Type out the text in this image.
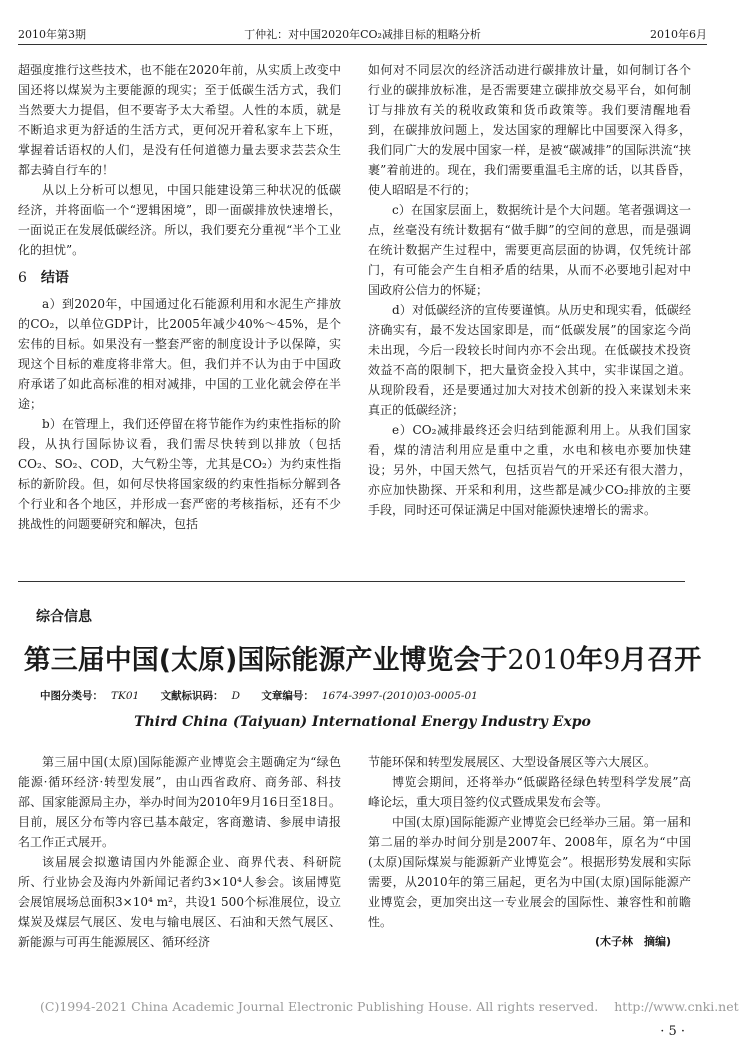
2010年第3期	丁仲礼：对中国2020年CO₂减排目标的粗略分析	2010年6月

超强度推行这些技术，也不能在2020年前，从实质上改变中国还将以煤炭为主要能源的现实；至于低碳生活方式，我们当然要大力提倡，但不要寄予太大希望。人性的本质，就是不断追求更为舒适的生活方式，更何况开着私家车上下班，掌握着话语权的人们，是没有任何道德力量去要求芸芸众生都去骑自行车的！

从以上分析可以想见，中国只能建设第三种状况的低碳经济，并将面临一个“逻辑困境”，即一面碳排放快速增长，一面说正在发展低碳经济。所以，我们要充分重视“半个工业化的担忧”。

6 结语

a）到2020年，中国通过化石能源利用和水泥生产排放的CO₂，以单位GDP计，比2005年减少40%～45%，是个宏伟的目标。如果没有一整套严密的制度设计予以保障，实现这个目标的难度将非常大。但，我们并不认为由于中国政府承诺了如此高标准的相对减排，中国的工业化就会停在半途；

b）在管理上，我们还停留在将节能作为约束性指标的阶段，从执行国际协议看，我们需尽快转到以排放（包括CO₂、SO₂、COD，大气粉尘等，尤其是CO₂）为约束性指标的新阶段。但，如何尽快将国家级的约束性指标分解到各个行业和各个地区，并形成一套严密的考核指标，还有不少挑战性的问题要研究和解决，包括

如何对不同层次的经济活动进行碳排放计量，如何制订各个行业的碳排放标准，是否需要建立碳排放交易平台，如何制订与排放有关的税收政策和货币政策等。我们要清醒地看到，在碳排放问题上，发达国家的理解比中国要深入得多，我们同广大的发展中国家一样，是被“碳减排”的国际洪流“挟裹”着前进的。现在，我们需要重温毛主席的话，以其昏昏，使人昭昭是不行的；

c）在国家层面上，数据统计是个大问题。笔者强调这一点，丝毫没有统计数据有“做手脚”的空间的意思，而是强调在统计数据产生过程中，需要更高层面的协调，仅凭统计部门，有可能会产生自相矛盾的结果，从而不必要地引起对中国政府公信力的怀疑；

d）对低碳经济的宣传要谨慎。从历史和现实看，低碳经济确实有，最不发达国家即是，而“低碳发展”的国家迄今尚未出现，今后一段较长时间内亦不会出现。在低碳技术投资效益不高的限制下，把大量资金投入其中，实非谋国之道。从现阶段看，还是要通过加大对技术创新的投入来谋划未来真正的低碳经济；

e）CO₂减排最终还会归结到能源利用上。从我们国家看，煤的清洁利用应是重中之重，水电和核电亦要加快建设；另外，中国天然气，包括页岩气的开采还有很大潜力，亦应加快勘探、开采和利用，这些都是减少CO₂排放的主要手段，同时还可保证满足中国对能源快速增长的需求。

综合信息
第三届中国(太原)国际能源产业博览会于2010年9月召开
中图分类号： TK01 文献标识码： D 文章编号： 1674-3997-(2010)03-0005-01
Third China (Taiyuan) International Energy Industry Expo

第三届中国(太原)国际能源产业博览会主题确定为“绿色能源·循环经济·转型发展”，由山西省政府、商务部、科技部、国家能源局主办，举办时间为2010年9月16日至18日。目前，展区分布等内容已基本敲定，客商邀请、参展申请报名工作正式展开。

该届展会拟邀请国内外能源企业、商界代表、科研院所、行业协会及海内外新闻记者约3×10⁴人参会。该届博览会展馆展场总面积3×10⁴ m²，共设1 500个标准展位，设立煤炭及煤层气展区、发电与输电展区、石油和天然气展区、新能源与可再生能源展区、循环经济

节能环保和转型发展展区、大型设备展区等六大展区。

博览会期间，还将举办“低碳路径绿色转型科学发展”高峰论坛，重大项目签约仪式暨成果发布会等。

中国(太原)国际能源产业博览会已经举办三届。第一届和第二届的举办时间分别是2007年、2008年，原名为“中国(太原)国际煤炭与能源新产业博览会”。根据形势发展和实际需要，从2010年的第三届起，更名为中国(太原)国际能源产业博览会，更加突出这一专业展会的国际性、兼容性和前瞻性。

(木子林　摘编)
(C)1994-2021 China Academic Journal Electronic Publishing House. All rights reserved. http://www.cnki.net
· 5 ·
